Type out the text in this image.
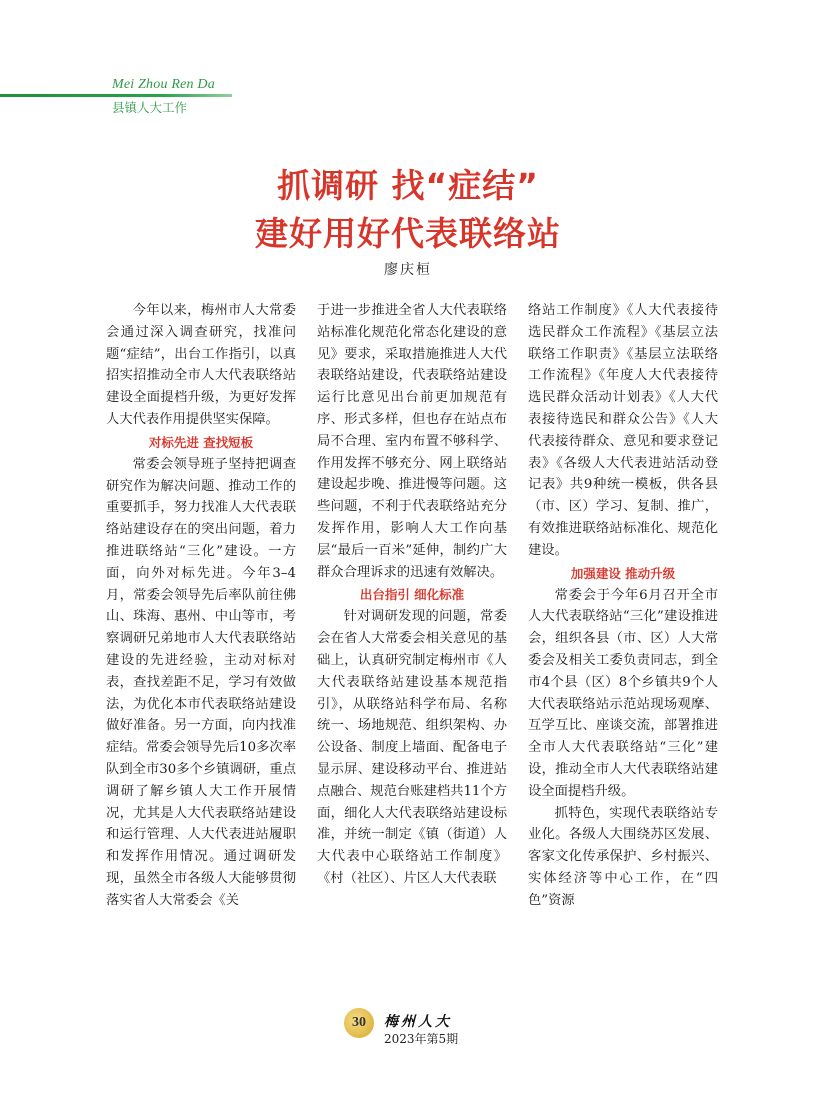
Mei Zhou Ren Da
县镇人大工作
抓调研 找“症结”
建好用好代表联络站
廖庆桓

今年以来，梅州市人大常委会通过深入调查研究，找准问题“症结”，出台工作指引，以真招实招推动全市人大代表联络站建设全面提档升级，为更好发挥人大代表作用提供坚实保障。

对标先进 查找短板

常委会领导班子坚持把调查研究作为解决问题、推动工作的重要抓手，努力找准人大代表联络站建设存在的突出问题，着力推进联络站“三化”建设。一方面，向外对标先进。今年3–4月，常委会领导先后率队前往佛山、珠海、惠州、中山等市，考察调研兄弟地市人大代表联络站建设的先进经验，主动对标对表，查找差距不足，学习有效做法，为优化本市代表联络站建设做好准备。另一方面，向内找准症结。常委会领导先后10多次率队到全市30多个乡镇调研，重点调研了解乡镇人大工作开展情况，尤其是人大代表联络站建设和运行管理、人大代表进站履职和发挥作用情况。通过调研发现，虽然全市各级人大能够贯彻落实省人大常委会《关

于进一步推进全省人大代表联络站标准化规范化常态化建设的意见》要求，采取措施推进人大代表联络站建设，代表联络站建设运行比意见出台前更加规范有序、形式多样，但也存在站点布局不合理、室内布置不够科学、作用发挥不够充分、网上联络站建设起步晚、推进慢等问题。这些问题，不利于代表联络站充分发挥作用，影响人大工作向基层“最后一百米”延伸，制约广大群众合理诉求的迅速有效解决。

出台指引 细化标准

针对调研发现的问题，常委会在省人大常委会相关意见的基础上，认真研究制定梅州市《人大代表联络站建设基本规范指引》，从联络站科学布局、名称统一、场地规范、组织架构、办公设备、制度上墙面、配备电子显示屏、建设移动平台、推进站点融合、规范台账建档共11个方面，细化人大代表联络站建设标准，并统一制定《镇（街道）人大代表中心联络站工作制度》《村（社区）、片区人大代表联

络站工作制度》《人大代表接待选民群众工作流程》《基层立法联络工作职责》《基层立法联络工作流程》《年度人大代表接待选民群众活动计划表》《人大代表接待选民和群众公告》《人大代表接待群众、意见和要求登记表》《各级人大代表进站活动登记表》共9种统一模板，供各县（市、区）学习、复制、推广，有效推进联络站标准化、规范化建设。

加强建设 推动升级

常委会于今年6月召开全市人大代表联络站“三化”建设推进会，组织各县（市、区）人大常委会及相关工委负责同志，到全市4个县（区）8个乡镇共9个人大代表联络站示范站现场观摩、互学互比、座谈交流，部署推进全市人大代表联络站“三化”建设，推动全市人大代表联络站建设全面提档升级。

抓特色，实现代表联络站专业化。各级人大围绕苏区发展、客家文化传承保护、乡村振兴、实体经济等中心工作，在“四色”资源

30	梅州人大
2023年第5期
